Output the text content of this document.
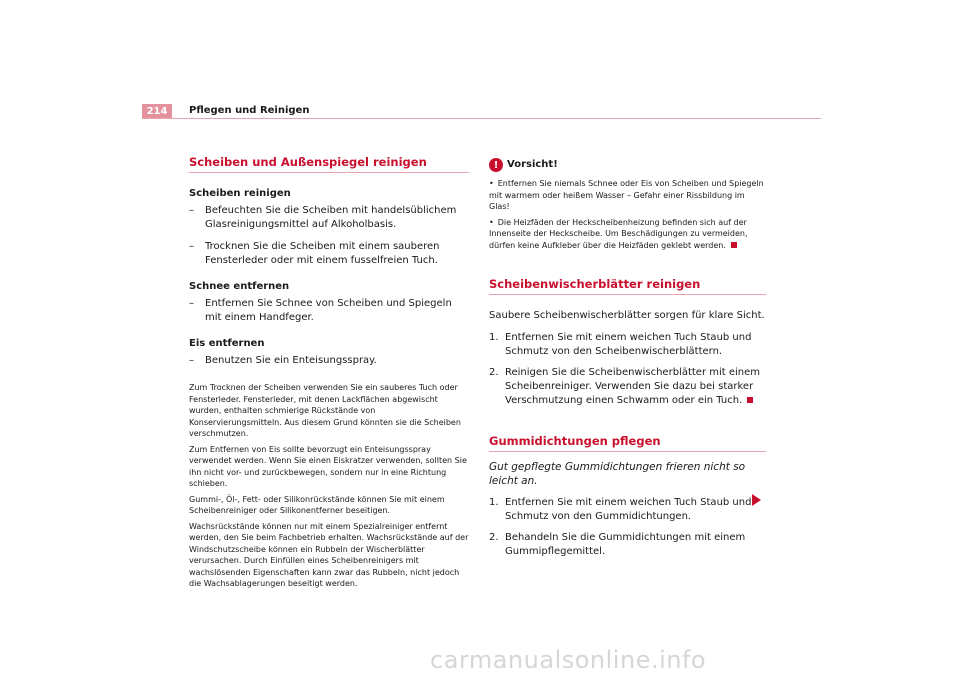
214	Pflegen und Reinigen
Scheiben und Außenspiegel reinigen
Scheiben reinigen
– Befeuchten Sie die Scheiben mit handelsüblichem Glasreinigungsmittel auf Alkoholbasis.
– Trocknen Sie die Scheiben mit einem sauberen Fensterleder oder mit einem fusselfreien Tuch.
Schnee entfernen
– Entfernen Sie Schnee von Scheiben und Spiegeln mit einem Handfeger.
Eis entfernen
– Benutzen Sie ein Enteisungsspray.

Zum Trocknen der Scheiben verwenden Sie ein sauberes Tuch oder Fensterleder. Fensterleder, mit denen Lackflächen abgewischt wurden, enthalten schmierige Rückstände von Konservierungsmitteln. Aus diesem Grund könnten sie die Scheiben verschmutzen.

Zum Entfernen von Eis sollte bevorzugt ein Enteisungsspray verwendet werden. Wenn Sie einen Eiskratzer verwenden, sollten Sie ihn nicht vor- und zurückbewegen, sondern nur in eine Richtung schieben.

Gummi-, Öl-, Fett- oder Silikonrückstände können Sie mit einem Scheibenreiniger oder Silikonentferner beseitigen.

Wachsrückstände können nur mit einem Spezialreiniger entfernt werden, den Sie beim Fachbetrieb erhalten. Wachsrückstände auf der Windschutzscheibe können ein Rubbeln der Wischerblätter verursachen. Durch Einfüllen eines Scheibenreinigers mit wachslösenden Eigenschaften kann zwar das Rubbeln, nicht jedoch die Wachsablagerungen beseitigt werden.

! Vorsicht!
• Entfernen Sie niemals Schnee oder Eis von Scheiben und Spiegeln mit warmem oder heißem Wasser – Gefahr einer Rissbildung im Glas!
• Die Heizfäden der Heckscheibenheizung befinden sich auf der Innenseite der Heckscheibe. Um Beschädigungen zu vermeiden, dürfen keine Aufkleber über die Heizfäden geklebt werden.
Scheibenwischerblätter reinigen

Saubere Scheibenwischerblätter sorgen für klare Sicht.

1. Entfernen Sie mit einem weichen Tuch Staub und Schmutz von den Scheibenwischerblättern.
2. Reinigen Sie die Scheibenwischerblätter mit einem Scheibenreiniger. Verwenden Sie dazu bei starker Verschmutzung einen Schwamm oder ein Tuch.
Gummidichtungen pflegen

Gut gepflegte Gummidichtungen frieren nicht so leicht an.

1. Entfernen Sie mit einem weichen Tuch Staub und Schmutz von den Gummidichtungen.
2. Behandeln Sie die Gummidichtungen mit einem Gummipflegemittel.
carmanualsonline.info
